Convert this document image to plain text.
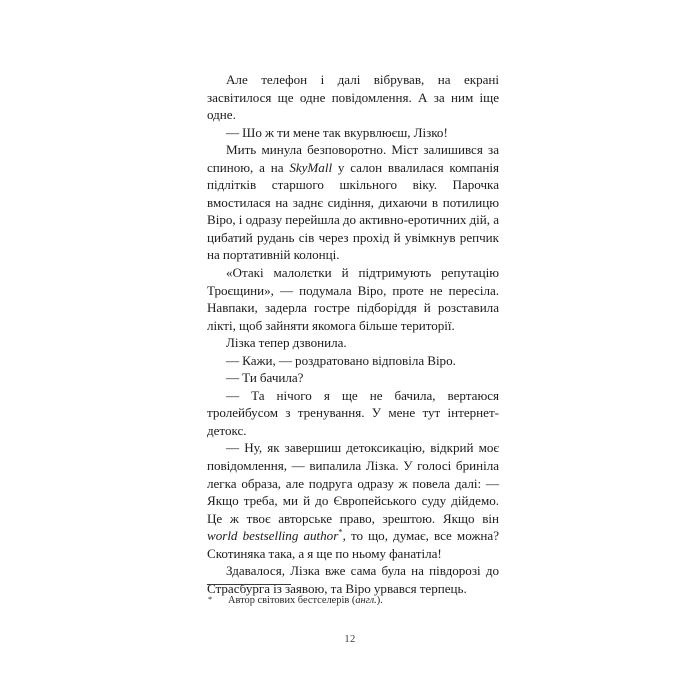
Але телефон і далі вібрував, на екрані засвітилося ще одне повідомлення. А за ним іще одне.

— Шо ж ти мене так вкурвлюєш, Лізко!

Мить минула безповоротно. Міст залишився за спиною, а на SkyMall у салон ввалилася компанія підлітків старшого шкільного віку. Парочка вмостилася на заднє сидіння, дихаючи в потилицю Віро, і одразу перейшла до активно-еротичних дій, а цибатий рудань сів через прохід й увімкнув репчик на портативній колонці.

«Отакі малолєтки й підтримують репутацію Троєщини», — подумала Віро, проте не пересіла. Навпаки, задерла гостре підборіддя й розставила лікті, щоб зайняти якомога більше території.

Лізка тепер дзвонила.

— Кажи, — роздратовано відповіла Віро.

— Ти бачила?

— Та нічого я ще не бачила, вертаюся тролейбусом з тренування. У мене тут інтернет-детокс.

— Ну, як завершиш детоксикацію, відкрий моє повідомлення, — випалила Лізка. У голосі бриніла легка образа, але подруга одразу ж повела далі: — Якщо треба, ми й до Європейського суду дійдемо. Це ж твоє авторське право, зрештою. Якщо він world bestselling author*, то що, думає, все можна? Скотиняка така, а я ще по ньому фанатіла!

Здавалося, Лізка вже сама була на півдорозі до Страсбурга із заявою, та Віро урвався терпець.

* Автор світових бестселерів (англ.).

12
